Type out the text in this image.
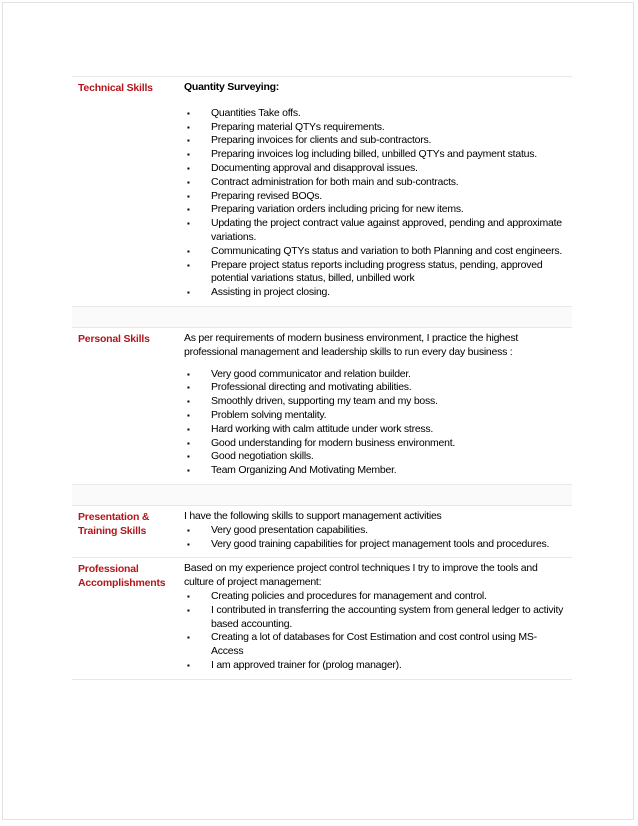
Technical Skills	Quantity Surveying:
▪ Quantities Take offs.
▪ Preparing material QTYs requirements.
▪ Preparing invoices for clients and sub-contractors.
▪ Preparing invoices log including billed, unbilled QTYs and payment status.
▪ Documenting approval and disapproval issues.
▪ Contract administration for both main and sub-contracts.
▪ Preparing revised BOQs.
▪ Preparing variation orders including pricing for new items.
▪ Updating the project contract value against approved, pending and approximate variations.
▪ Communicating QTYs status and variation to both Planning and cost engineers.
▪ Prepare project status reports including progress status, pending, approved potential variations status, billed, unbilled work
▪ Assisting in project closing.
Personal Skills	As per requirements of modern business environment, I practice the highest professional management and leadership skills to run every day business :
▪ Very good communicator and relation builder.
▪ Professional directing and motivating abilities.
▪ Smoothly driven, supporting my team and my boss.
▪ Problem solving mentality.
▪ Hard working with calm attitude under work stress.
▪ Good understanding for modern business environment.
▪ Good negotiation skills.
▪ Team Organizing And Motivating Member.
Presentation & Training Skills
I have the following skills to support management activities
▪ Very good presentation capabilities.
▪ Very good training capabilities for project management tools and procedures.
Professional Accomplishments
Based on my experience project control techniques I try to improve the tools and culture of project management:
▪ Creating policies and procedures for management and control.
▪ I contributed in transferring the accounting system from general ledger to activity based accounting.
▪ Creating a lot of databases for Cost Estimation and cost control using MS-Access
▪ I am approved trainer for (prolog manager).
